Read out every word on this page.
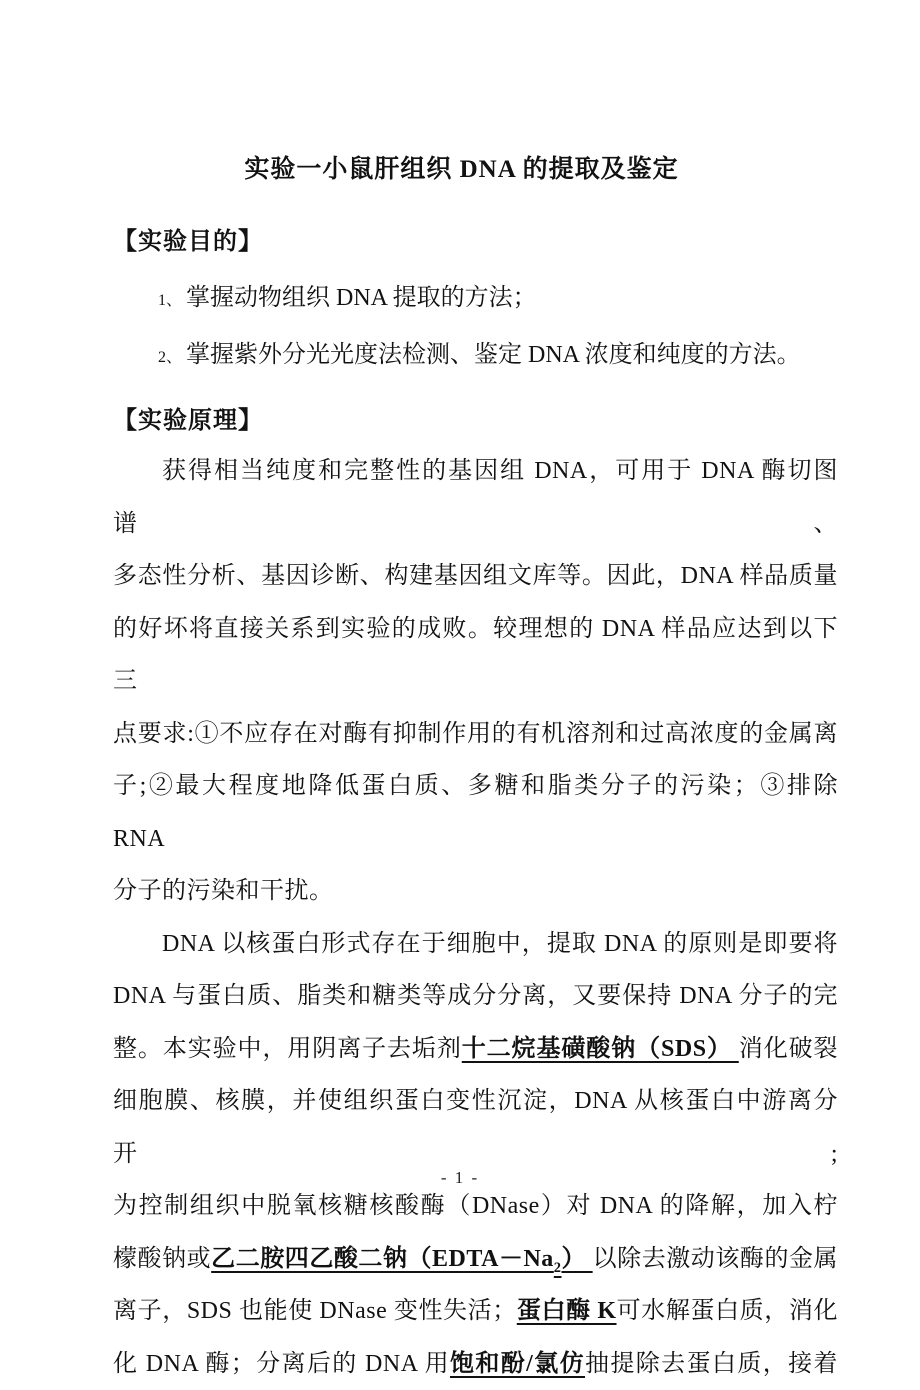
实验一小鼠肝组织 DNA 的提取及鉴定
【实验目的】
1、 掌握动物组织 DNA 提取的方法；
2、 掌握紫外分光光度法检测、鉴定 DNA 浓度和纯度的方法。
【实验原理】
获得相当纯度和完整性的基因组 DNA，可用于 DNA 酶切图谱、
多态性分析、基因诊断、构建基因组文库等。因此，DNA 样品质量
的好坏将直接关系到实验的成败。较理想的 DNA 样品应达到以下三
点要求:①不应存在对酶有抑制作用的有机溶剂和过高浓度的金属离
子;②最大程度地降低蛋白质、多糖和脂类分子的污染；③排除 RNA
分子的污染和干扰。
DNA 以核蛋白形式存在于细胞中，提取 DNA 的原则是即要将
DNA 与蛋白质、脂类和糖类等成分分离，又要保持 DNA 分子的完
整。本实验中，用阴离子去垢剂十二烷基磺酸钠（SDS） 消化破裂
细胞膜、核膜，并使组织蛋白变性沉淀，DNA 从核蛋白中游离分开;
为控制组织中脱氧核糖核酸酶（DNase）对 DNA 的降解，加入柠
檬酸钠或乙二胺四乙酸二钠$(EDTA-Na_2)$ 以除去激动该酶的金属
离子，SDS 也能使 DNase 变性失活；蛋白酶 K可水解蛋白质，消化
化 DNA 酶；分离后的 DNA 用饱和酚/氯仿抽提除去蛋白质，接着
- 1 -
